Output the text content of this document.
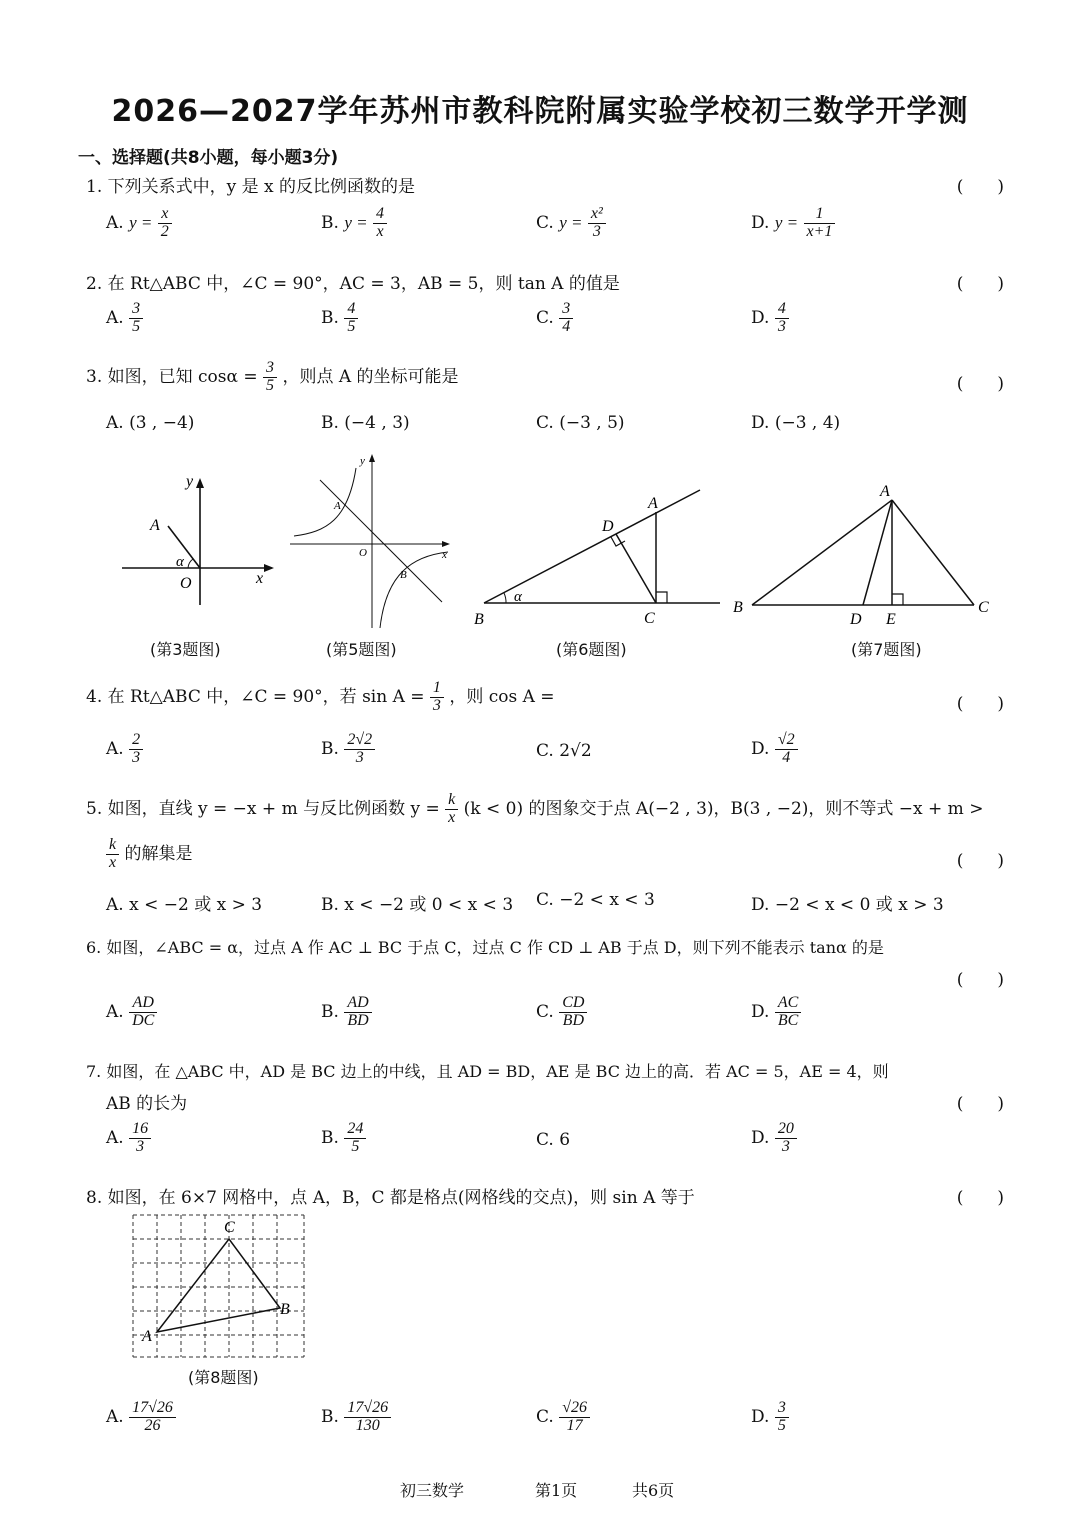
2026—2027学年苏州市教科院附属实验学校初三数学开学测
一、选择题(共8小题，每小题3分)
1. 下列关系式中，y 是 x 的反比例函数的是	(　　)
A. $y = \frac{x}{2}$	B. $y = \frac{4}{x}$	C. $y = \frac{\text{x²}}{3}$	D. $y = \frac{1}{x+1}$
2. 在 Rt△ABC 中，∠C = 90°，AC = 3，AB = 5，则 tan A 的值是	(　　)
A. $\frac{3}{5}$	B. $\frac{4}{5}$	C. $\frac{3}{4}$	D. $\frac{4}{3}$
3. 如图，已知 $\cos\alpha = \frac{3}{5}$ ，则点 A 的坐标可能是	(　　)
A. (3 , −4)	B. (−4 , 3)	C. (−3 , 5)	D. (−3 , 4)
y
x
A
O
α
(第3题图)
y
x
A
B
O
(第5题图)
A
B	C
D
α
(第6题图)
A
B	C
D E
(第7题图)
4. 在 Rt△ABC 中，∠C = 90°，若 $\sin A = \frac{1}{3}$ ，则 cos A =	(　　)
A. $\frac{2}{3}$	B. $\frac{2√2}{3}$	C. 2√2	D. $\frac{√2}{4}$
5. 如图，直线 y = −x + m 与反比例函数 $y = \frac{k}{x} (k < 0)$ 的图象交于点 A(−2 , 3)，B(3 , −2)，则不等式 −x + m >
$\frac{k}{x}$ 的解集是	(　　)
A. x < −2 或 x > 3	B. x < −2 或 0 < x < 3 C. −2 < x < 3	D. −2 < x < 0 或 x > 3
6. 如图，∠ABC = α，过点 A 作 AC ⊥ BC 于点 C，过点 C 作 CD ⊥ AB 于点 D，则下列不能表示 tanα 的是
(　　)
A. $\frac{AD}{DC}$	B. $\frac{AD}{BD}$	C. $\frac{CD}{BD}$	D. $\frac{AC}{BC}$
7. 如图，在 △ABC 中，AD 是 BC 边上的中线，且 AD = BD，AE 是 BC 边上的高．若 AC = 5，AE = 4，则
AB 的长为	(　　)
A. $\frac{16}{3}$	B. $\frac{24}{5}$	C. 6	D. $\frac{20}{3}$
8. 如图，在 6×7 网格中，点 A，B，C 都是格点(网格线的交点)，则 sin A 等于	(　　)
A
B
C
(第8题图)
A. $\frac{17√26}{26}$	B. $\frac{17√26}{130}$	C. $\frac{√26}{17}$	D. $\frac{3}{5}$
初三数学	第1页	共6页
